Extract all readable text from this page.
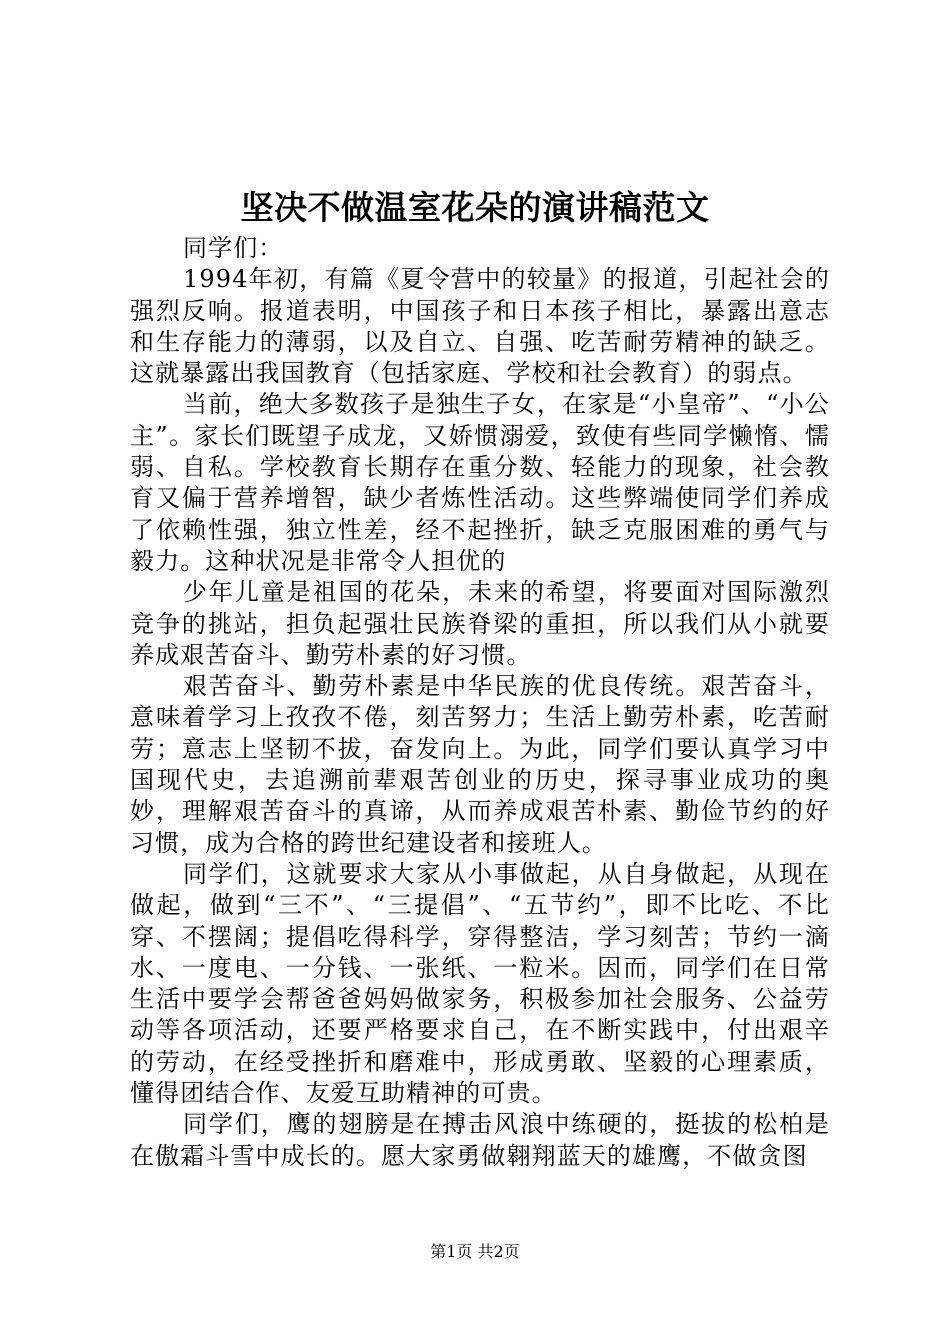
坚决不做温室花朵的演讲稿范文

同学们：

1994年初，有篇《夏令营中的较量》的报道，引起社会的强烈反响。报道表明，中国孩子和日本孩子相比，暴露出意志和生存能力的薄弱，以及自立、自强、吃苦耐劳精神的缺乏。这就暴露出我国教育（包括家庭、学校和社会教育）的弱点。

当前，绝大多数孩子是独生子女，在家是“小皇帝”、“小公主”。家长们既望子成龙，又娇惯溺爱，致使有些同学懒惰、懦弱、自私。学校教育长期存在重分数、轻能力的现象，社会教育又偏于营养增智，缺少者炼性活动。这些弊端使同学们养成了依赖性强，独立性差，经不起挫折，缺乏克服困难的勇气与毅力。这种状况是非常令人担优的

少年儿童是祖国的花朵，未来的希望，将要面对国际激烈竞争的挑站，担负起强壮民族脊梁的重担，所以我们从小就要养成艰苦奋斗、勤劳朴素的好习惯。

艰苦奋斗、勤劳朴素是中华民族的优良传统。艰苦奋斗，意味着学习上孜孜不倦，刻苦努力；生活上勤劳朴素，吃苦耐劳；意志上坚韧不拔，奋发向上。为此，同学们要认真学习中国现代史，去追溯前辈艰苦创业的历史，探寻事业成功的奥妙，理解艰苦奋斗的真谛，从而养成艰苦朴素、勤俭节约的好习惯，成为合格的跨世纪建设者和接班人。

同学们，这就要求大家从小事做起，从自身做起，从现在做起，做到“三不”、“三提倡”、“五节约”，即不比吃、不比穿、不摆阔；提倡吃得科学，穿得整洁，学习刻苦；节约一滴水、一度电、一分钱、一张纸、一粒米。因而，同学们在日常生活中要学会帮爸爸妈妈做家务，积极参加社会服务、公益劳动等各项活动，还要严格要求自己，在不断实践中，付出艰辛的劳动，在经受挫折和磨难中，形成勇敢、坚毅的心理素质，懂得团结合作、友爱互助精神的可贵。

同学们，鹰的翅膀是在搏击风浪中练硬的，挺拔的松柏是在傲霜斗雪中成长的。愿大家勇做翱翔蓝天的雄鹰，不做贪图

第1页 共2页
